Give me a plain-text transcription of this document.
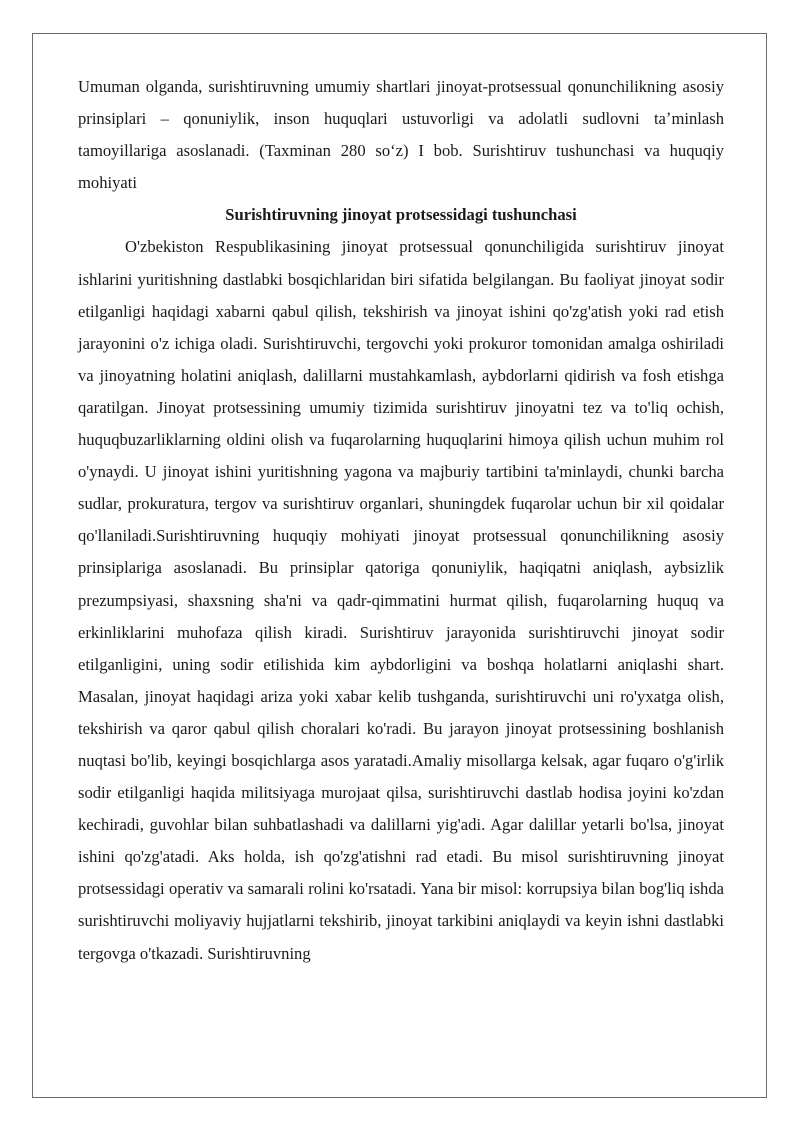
Umuman olganda, surishtiruvning umumiy shartlari jinoyat-protsessual qonunchilikning asosiy prinsiplari – qonuniylik, inson huquqlari ustuvorligi va adolatli sudlovni taʼminlash tamoyillariga asoslanadi. (Taxminan 280 soʻz) I bob. Surishtiruv tushunchasi va huquqiy mohiyati

Surishtiruvning jinoyat protsessidagi tushunchasi

O'zbekiston Respublikasining jinoyat protsessual qonunchiligida surishtiruv jinoyat ishlarini yuritishning dastlabki bosqichlaridan biri sifatida belgilangan. Bu faoliyat jinoyat sodir etilganligi haqidagi xabarni qabul qilish, tekshirish va jinoyat ishini qo'zg'atish yoki rad etish jarayonini o'z ichiga oladi. Surishtiruvchi, tergovchi yoki prokuror tomonidan amalga oshiriladi va jinoyatning holatini aniqlash, dalillarni mustahkamlash, aybdorlarni qidirish va fosh etishga qaratilgan. Jinoyat protsessining umumiy tizimida surishtiruv jinoyatni tez va to'liq ochish, huquqbuzarliklarning oldini olish va fuqarolarning huquqlarini himoya qilish uchun muhim rol o'ynaydi. U jinoyat ishini yuritishning yagona va majburiy tartibini ta'minlaydi, chunki barcha sudlar, prokuratura, tergov va surishtiruv organlari, shuningdek fuqarolar uchun bir xil qoidalar qo'llaniladi.Surishtiruvning huquqiy mohiyati jinoyat protsessual qonunchilikning asosiy prinsiplariga asoslanadi. Bu prinsiplar qatoriga qonuniylik, haqiqatni aniqlash, aybsizlik prezumpsiyasi, shaxsning sha'ni va qadr-qimmatini hurmat qilish, fuqarolarning huquq va erkinliklarini muhofaza qilish kiradi. Surishtiruv jarayonida surishtiruvchi jinoyat sodir etilganligini, uning sodir etilishida kim aybdorligini va boshqa holatlarni aniqlashi shart. Masalan, jinoyat haqidagi ariza yoki xabar kelib tushganda, surishtiruvchi uni ro'yxatga olish, tekshirish va qaror qabul qilish choralari ko'radi. Bu jarayon jinoyat protsessining boshlanish nuqtasi bo'lib, keyingi bosqichlarga asos yaratadi.Amaliy misollarga kelsak, agar fuqaro o'g'irlik sodir etilganligi haqida militsiyaga murojaat qilsa, surishtiruvchi dastlab hodisa joyini ko'zdan kechiradi, guvohlar bilan suhbatlashadi va dalillarni yig'adi. Agar dalillar yetarli bo'lsa, jinoyat ishini qo'zg'atadi. Aks holda, ish qo'zg'atishni rad etadi. Bu misol surishtiruvning jinoyat protsessidagi operativ va samarali rolini ko'rsatadi. Yana bir misol: korrupsiya bilan bog'liq ishda surishtiruvchi moliyaviy hujjatlarni tekshirib, jinoyat tarkibini aniqlaydi va keyin ishni dastlabki tergovga o'tkazadi. Surishtiruvning
